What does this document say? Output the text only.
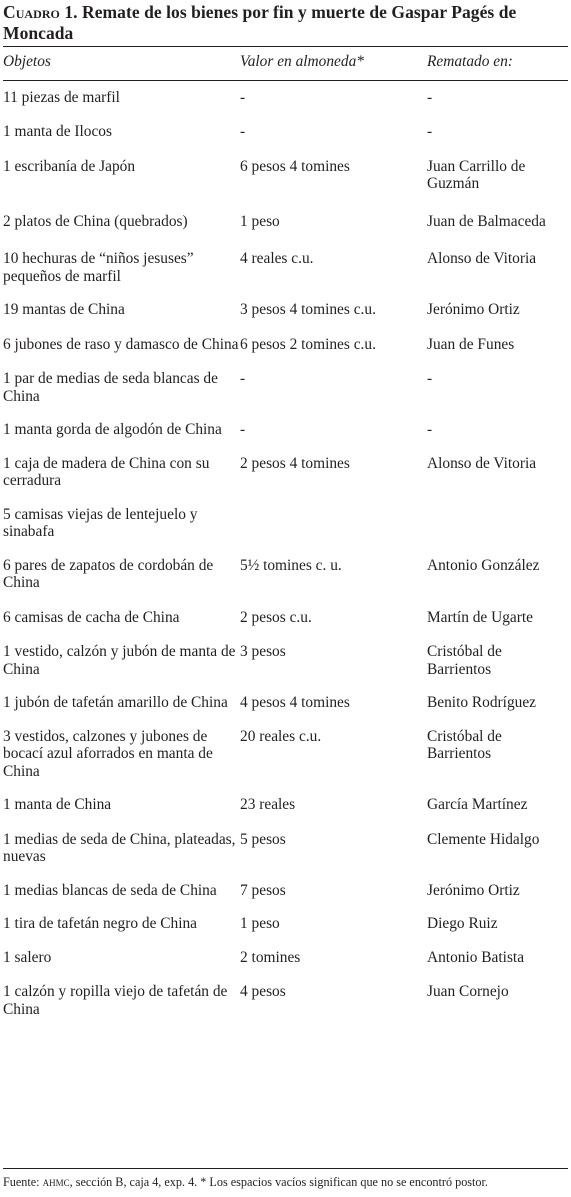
Cuadro 1. Remate de los bienes por fin y muerte de Gaspar Pagés de Moncada
Objetos	Valor en almoneda*	Rematado en:
11 piezas de marfil	-	-
1 manta de Ilocos	-	-
1 escribanía de Japón	6 pesos 4 tomines	Juan Carrillo de Guzmán
2 platos de China (quebrados)	1 peso	Juan de Balmaceda
10 hechuras de “niños jesuses” pequeños de marfil	4 reales c.u.	Alonso de Vitoria
19 mantas de China	3 pesos 4 tomines c.u.	Jerónimo Ortiz
6 jubones de raso y damasco de China	6 pesos 2 tomines c.u.	Juan de Funes
1 par de medias de seda blancas de China	-	-
1 manta gorda de algodón de China	-	-
1 caja de madera de China con su cerradura	2 pesos 4 tomines	Alonso de Vitoria
5 camisas viejas de lentejuelo y sinabafa		
6 pares de zapatos de cordobán de China	5½ tomines c. u.	Antonio González
6 camisas de cacha de China	2 pesos c.u.	Martín de Ugarte
1 vestido, calzón y jubón de manta de China	3 pesos	Cristóbal de Barrientos
1 jubón de tafetán amarillo de China	4 pesos 4 tomines	Benito Rodríguez
3 vestidos, calzones y jubones de bocací azul aforrados en manta de China	20 reales c.u.	Cristóbal de Barrientos
1 manta de China	23 reales	García Martínez
1 medias de seda de China, plateadas, nuevas	5 pesos	Clemente Hidalgo
1 medias blancas de seda de China	7 pesos	Jerónimo Ortiz
1 tira de tafetán negro de China	1 peso	Diego Ruiz
1 salero	2 tomines	Antonio Batista
1 calzón y ropilla viejo de tafetán de China	4 pesos	Juan Cornejo
Fuente: ahmc, sección B, caja 4, exp. 4. * Los espacios vacíos significan que no se encontró postor.
